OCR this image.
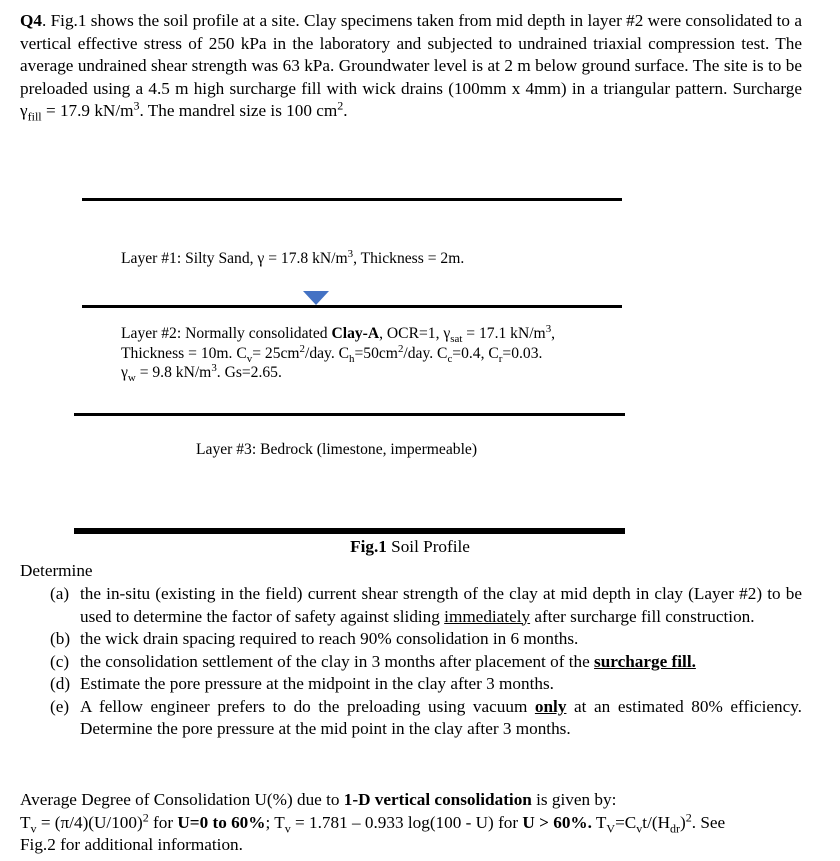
Q4. Fig.1 shows the soil profile at a site. Clay specimens taken from mid depth in layer #2 were consolidated to a vertical effective stress of 250 kPa in the laboratory and subjected to undrained triaxial compression test. The average undrained shear strength was 63 kPa. Groundwater level is at 2 m below ground surface. The site is to be preloaded using a 4.5 m high surcharge fill with wick drains (100mm x 4mm) in a triangular pattern. Surcharge $\gamma_{fill} = 17.9$ $kN/m^3$. The mandrel size is 100 $cm^2$.
Layer #1: Silty Sand, γ = 17.8 $kN/m^3$, Thickness = 2m.
Layer #2: Normally consolidated Clay-A, OCR=1, $\gamma_{sat} = 17.1$ $kN/m^3$,
Thickness = 10m. $C_v= 25cm^2/day$. $C_h=50cm^2$/day. $C_c=0.4$, $C_r=0.03$.
$\gamma_w = 9.8$ $kN/m^3$. Gs=2.65.
Layer #3: Bedrock (limestone, impermeable)
Fig.1 Soil Profile
Determine
(a) the in-situ (existing in the field) current shear strength of the clay at mid depth in clay (Layer #2) to be used to determine the factor of safety against sliding immediately after surcharge fill construction.
(b) the wick drain spacing required to reach 90% consolidation in 6 months.
(c) the consolidation settlement of the clay in 3 months after placement of the surcharge fill.
(d) Estimate the pore pressure at the midpoint in the clay after 3 months.
(e) A fellow engineer prefers to do the preloading using vacuum only at an estimated 80% efficiency. Determine the pore pressure at the mid point in the clay after 3 months.
Average Degree of Consolidation U(%) due to 1-D vertical consolidation is given by:
$T_v = (\pi/4)(U/100)^2$ for U=0 to 60%; $T_v = 1.781 - 0.933$ log(100 - U) for U > 60%. $T_V=C_vt/(H_{dr})^2$. See
Fig.2 for additional information.
